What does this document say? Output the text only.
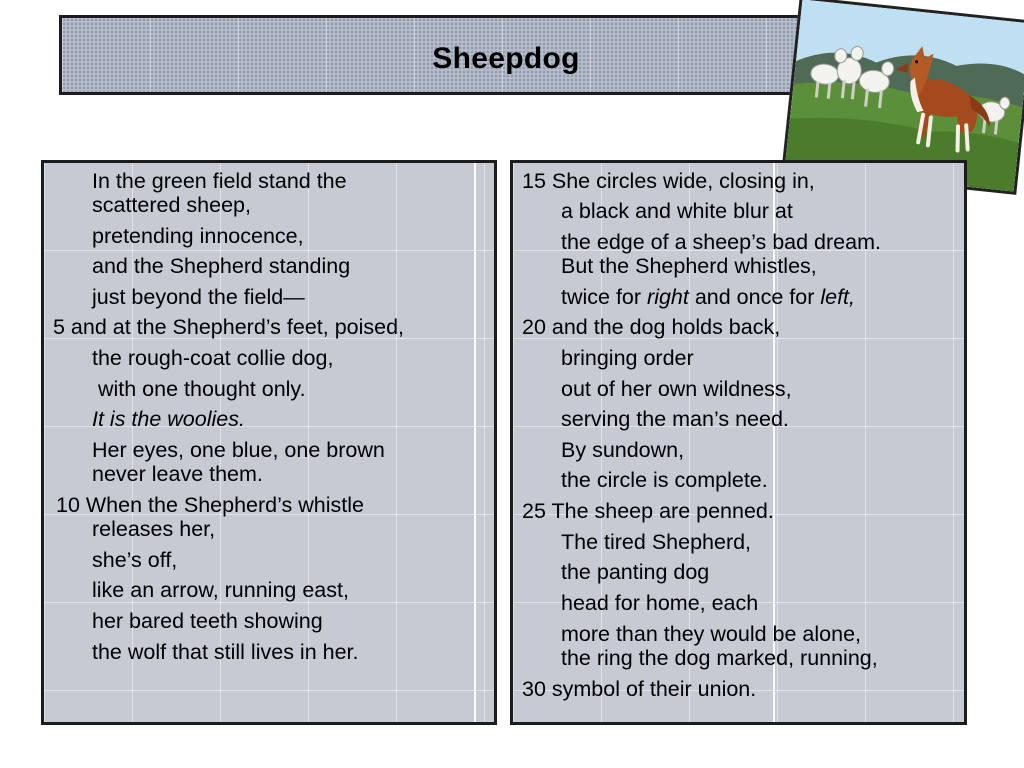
Sheepdog
In the green field stand the
scattered sheep,
pretending innocence,
and the Shepherd standing
just beyond the field—
5 and at the Shepherd’s feet, poised,
the rough-coat collie dog,
with one thought only.
It is the woolies.
Her eyes, one blue, one brown
never leave them.
10 When the Shepherd’s whistle
releases her,
she’s off,
like an arrow, running east,
her bared teeth showing
the wolf that still lives in her.
15 She circles wide, closing in,
a black and white blur at
the edge of a sheep’s bad dream.
But the Shepherd whistles,
twice for right and once for left,
20 and the dog holds back,
bringing order
out of her own wildness,
serving the man’s need.
By sundown,
the circle is complete.
25 The sheep are penned.
The tired Shepherd,
the panting dog
head for home, each
more than they would be alone,
the ring the dog marked, running,
30 symbol of their union.
